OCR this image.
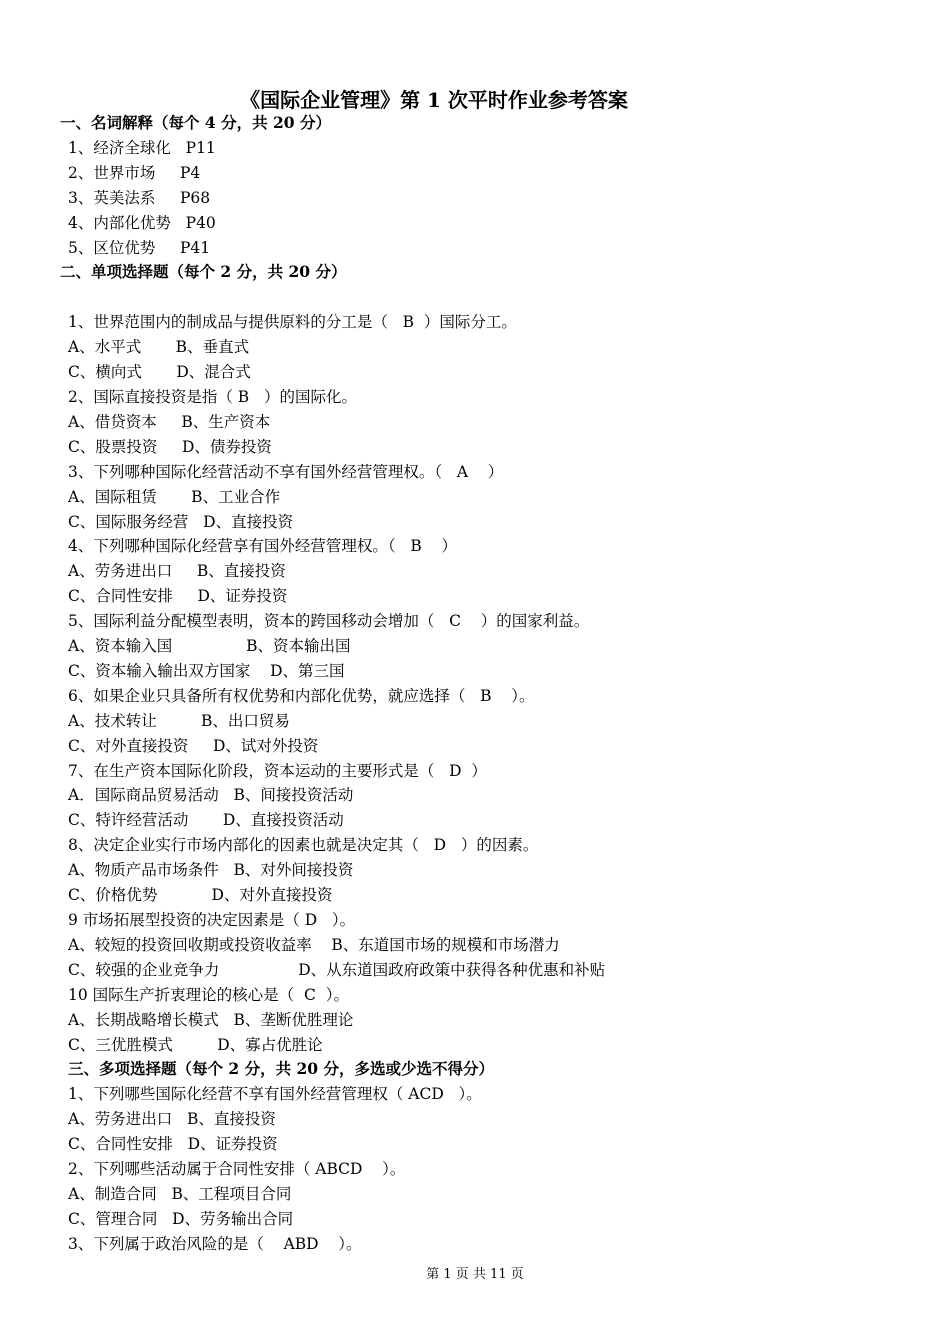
《国际企业管理》第 1 次平时作业参考答案
一、名词解释（每个 4 分，共 20 分）
1、经济全球化   P11
2、世界市场     P4
3、英美法系     P68
4、内部化优势   P40
5、区位优势     P41
二、单项选择题（每个 2 分，共 20 分）
1、世界范围内的制成品与提供原料的分工是（   B  ）国际分工。
A、水平式       B、垂直式
C、横向式       D、混合式
2、国际直接投资是指（ B   ）的国际化。
A、借贷资本     B、生产资本
C、股票投资     D、债券投资
3、下列哪种国际化经营活动不享有国外经营管理权。（   A    ）
A、国际租赁       B、工业合作
C、国际服务经营   D、直接投资
4、下列哪种国际化经营享有国外经营管理权。（   B    ）
A、劳务进出口     B、直接投资
C、合同性安排     D、证券投资
5、国际利益分配模型表明，资本的跨国移动会增加（   C    ）的国家利益。
A、资本输入国               B、资本输出国
C、资本输入输出双方国家    D、第三国
6、如果企业只具备所有权优势和内部化优势，就应选择（   B    ）。
A、技术转让         B、出口贸易
C、对外直接投资     D、试对外投资
7、在生产资本国际化阶段，资本运动的主要形式是（   D  ）
A．国际商品贸易活动   B、间接投资活动
C、特许经营活动       D、直接投资活动
8、决定企业实行市场内部化的因素也就是决定其（   D   ）的因素。
A、物质产品市场条件   B、对外间接投资
C、价格优势           D、对外直接投资
9 市场拓展型投资的决定因素是（ D   ）。
A、较短的投资回收期或投资收益率    B、东道国市场的规模和市场潜力
C、较强的企业竞争力                D、从东道国政府政策中获得各种优惠和补贴
10 国际生产折衷理论的核心是（  C  ）。
A、长期战略增长模式   B、垄断优胜理论
C、三优胜模式         D、寡占优胜论
三、多项选择题（每个 2 分，共 20 分，多选或少选不得分）
1、下列哪些国际化经营不享有国外经营管理权（ ACD   ）。
A、劳务进出口   B、直接投资
C、合同性安排   D、证券投资
2、下列哪些活动属于合同性安排（ ABCD    ）。
A、制造合同   B、工程项目合同
C、管理合同   D、劳务输出合同
3、下列属于政治风险的是（    ABD    ）。
第 1 页 共 11 页
